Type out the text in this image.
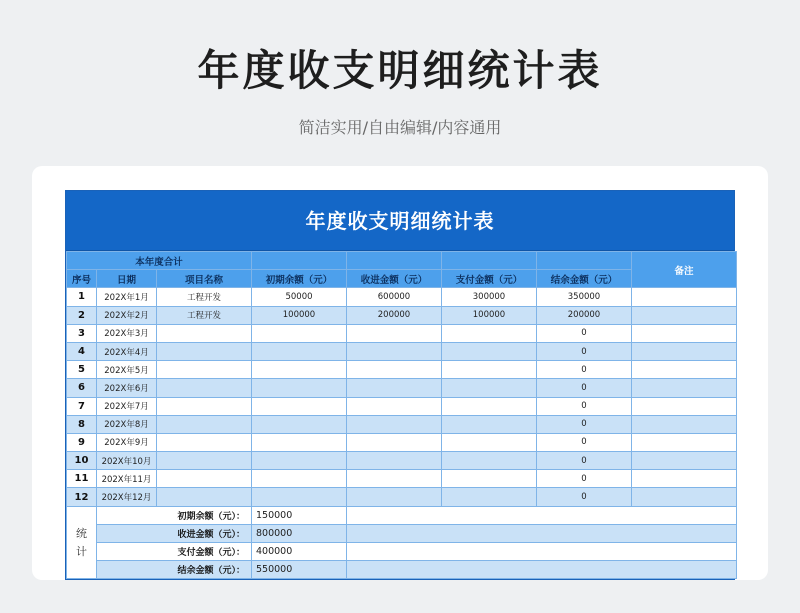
年度收支明细统计表
简洁实用/自由编辑/内容通用
年度收支明细统计表
本年度合计							备注
序号	日期	项目名称	初期余额（元）	收进金额（元）	支付金额（元）	结余金额（元）	
1	202X年1月	工程开发	50000	600000	300000	350000	
2	202X年2月	工程开发	100000	200000	100000	200000	
3	202X年3月					0	
4	202X年4月					0	
5	202X年5月					0	
6	202X年6月					0	
7	202X年7月					0	
8	202X年8月					0	
9	202X年9月					0	
10	202X年10月					0	
11	202X年11月					0	
12	202X年12月					0	
统
计	初期余额（元）：		150000				
	收进金额（元）：		800000				
	支付金额（元）：		400000				
	结余金额（元）：		550000				
